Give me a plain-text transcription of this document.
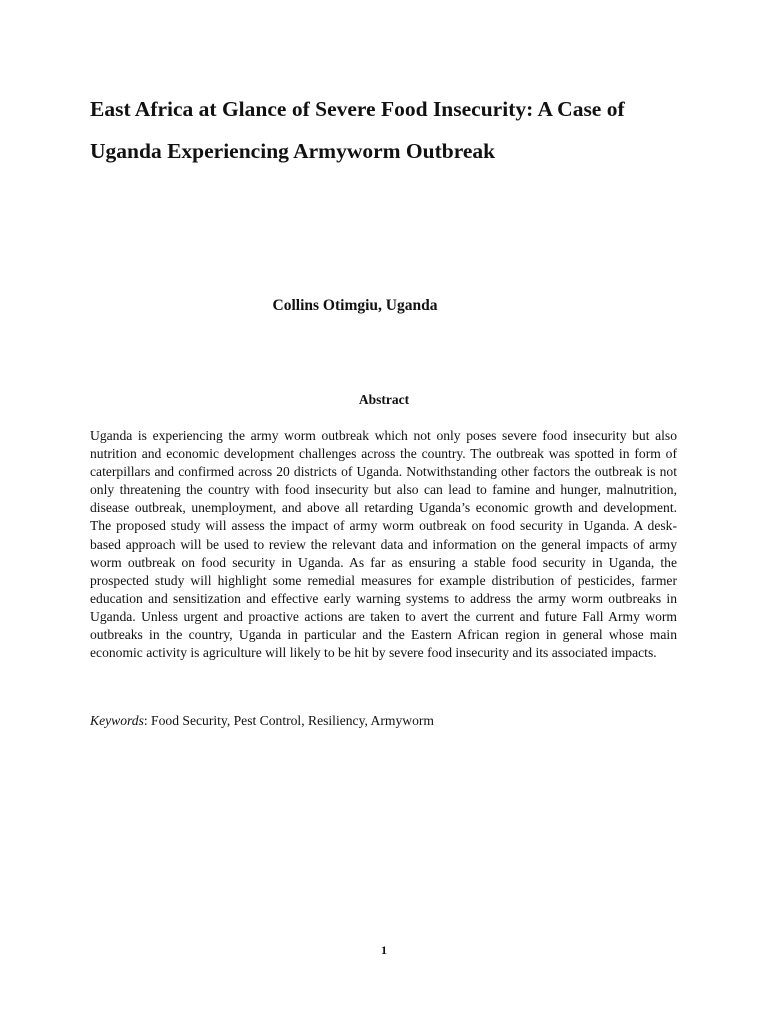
East Africa at Glance of Severe Food Insecurity: A Case of Uganda Experiencing Armyworm Outbreak

Collins Otimgiu, Uganda

Abstract

Uganda is experiencing the army worm outbreak which not only poses severe food insecurity but also nutrition and economic development challenges across the country. The outbreak was spotted in form of caterpillars and confirmed across 20 districts of Uganda. Notwithstanding other factors the outbreak is not only threatening the country with food insecurity but also can lead to famine and hunger, malnutrition, disease outbreak, unemployment, and above all retarding Uganda’s economic growth and development. The proposed study will assess the impact of army worm outbreak on food security in Uganda. A desk-based approach will be used to review the relevant data and information on the general impacts of army worm outbreak on food security in Uganda. As far as ensuring a stable food security in Uganda, the prospected study will highlight some remedial measures for example distribution of pesticides, farmer education and sensitization and effective early warning systems to address the army worm outbreaks in Uganda. Unless urgent and proactive actions are taken to avert the current and future Fall Army worm outbreaks in the country, Uganda in particular and the Eastern African region in general whose main economic activity is agriculture will likely to be hit by severe food insecurity and its associated impacts.

Keywords: Food Security, Pest Control, Resiliency, Armyworm

1
